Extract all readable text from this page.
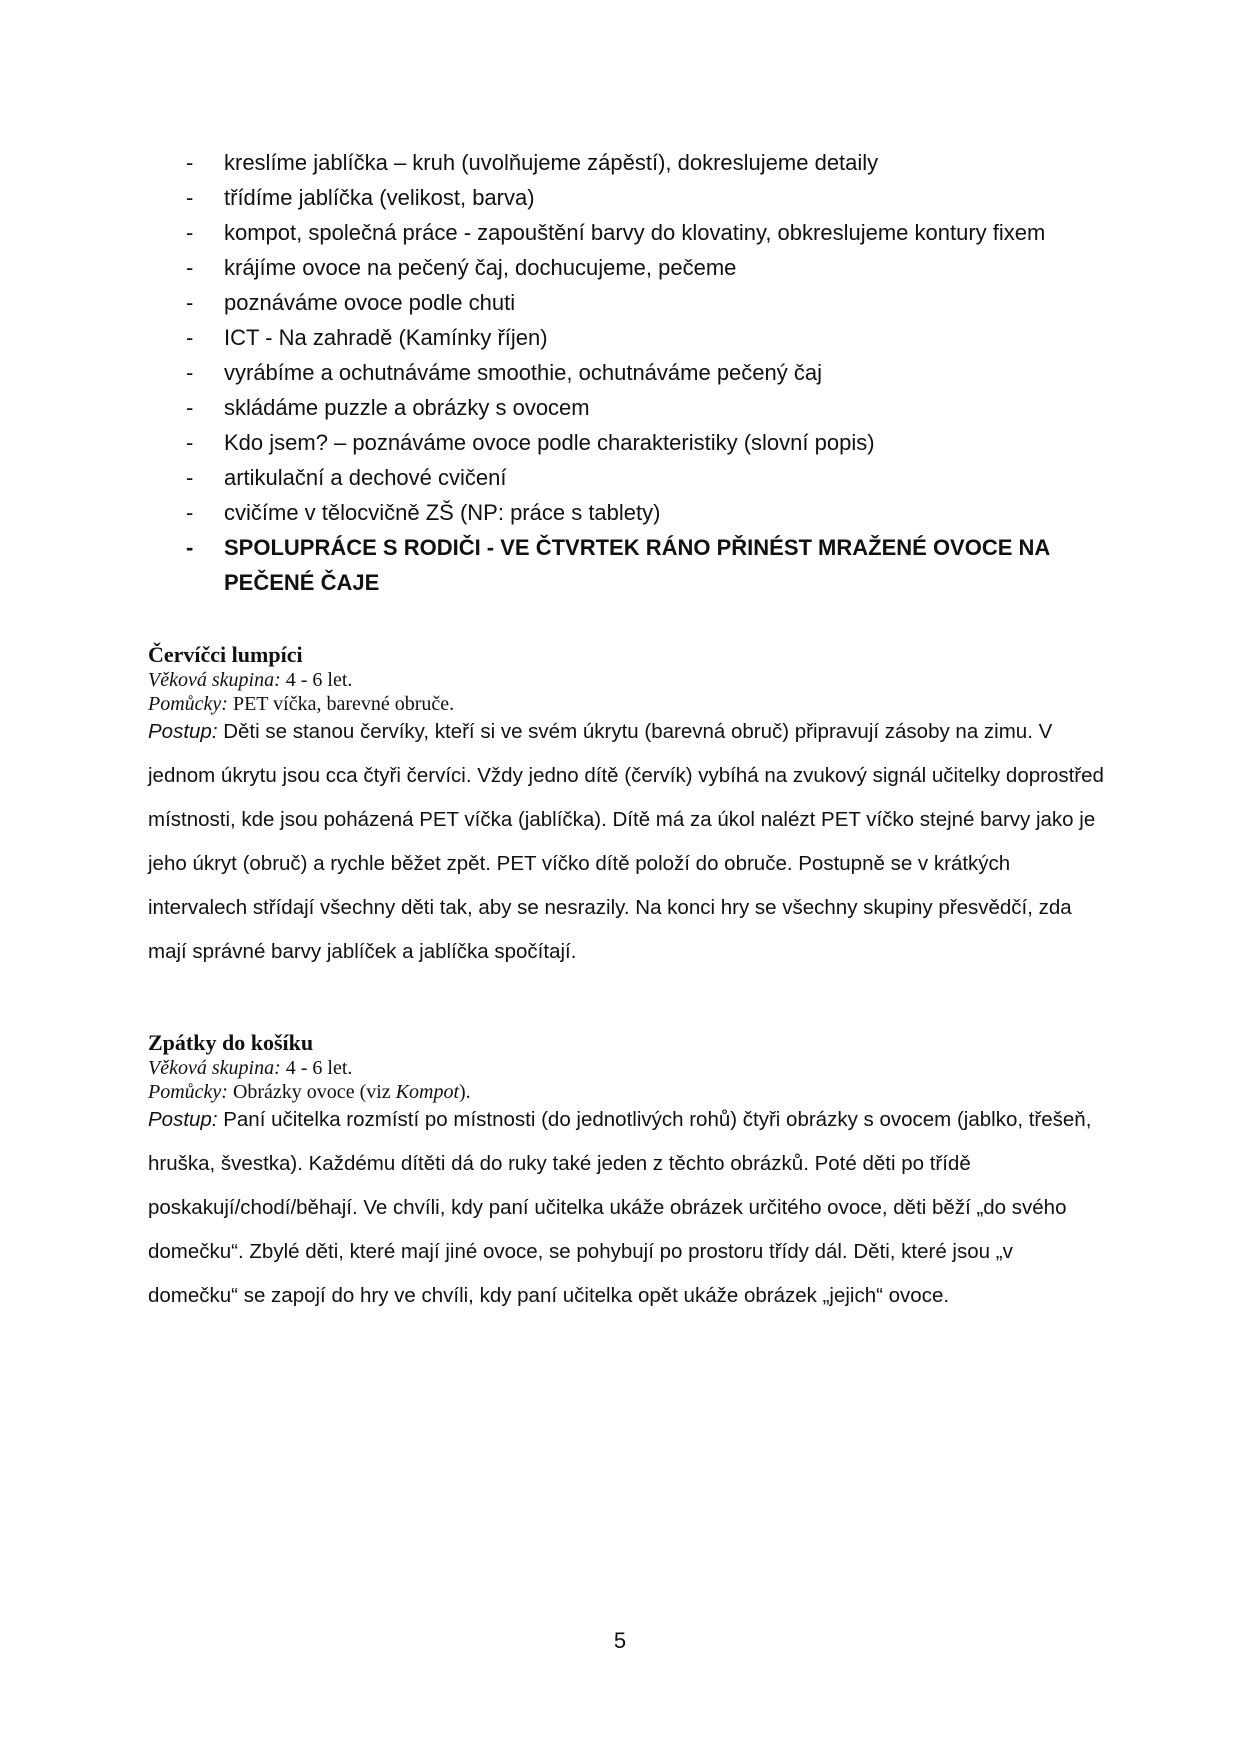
- kreslíme jablíčka – kruh (uvolňujeme zápěstí), dokreslujeme detaily
- třídíme jablíčka (velikost, barva)
- kompot, společná práce - zapouštění barvy do klovatiny, obkreslujeme kontury fixem
- krájíme ovoce na pečený čaj, dochucujeme, pečeme
- poznáváme ovoce podle chuti
- ICT - Na zahradě (Kamínky říjen)
- vyrábíme a ochutnáváme smoothie, ochutnáváme pečený čaj
- skládáme puzzle a obrázky s ovocem
- Kdo jsem? – poznáváme ovoce podle charakteristiky (slovní popis)
- artikulační a dechové cvičení
- cvičíme v tělocvičně ZŠ (NP: práce s tablety)
- SPOLUPRÁCE S RODIČI - VE ČTVRTEK RÁNO PŘINÉST MRAŽENÉ OVOCE NA PEČENÉ ČAJE
Červíčci lumpíci

Věková skupina: 4 - 6 let.

Pomůcky: PET víčka, barevné obruče.

Postup: Děti se stanou červíky, kteří si ve svém úkrytu (barevná obruč) připravují zásoby na zimu. V jednom úkrytu jsou cca čtyři červíci. Vždy jedno dítě (červík) vybíhá na zvukový signál učitelky doprostřed místnosti, kde jsou poházená PET víčka (jablíčka). Dítě má za úkol nalézt PET víčko stejné barvy jako je jeho úkryt (obruč) a rychle běžet zpět. PET víčko dítě položí do obruče. Postupně se v krátkých intervalech střídají všechny děti tak, aby se nesrazily. Na konci hry se všechny skupiny přesvědčí, zda mají správné barvy jablíček a jablíčka spočítají.

Zpátky do košíku

Věková skupina: 4 - 6 let.

Pomůcky: Obrázky ovoce (viz Kompot).

Postup: Paní učitelka rozmístí po místnosti (do jednotlivých rohů) čtyři obrázky s ovocem (jablko, třešeň, hruška, švestka). Každému dítěti dá do ruky také jeden z těchto obrázků. Poté děti po třídě poskakují/chodí/běhají. Ve chvíli, kdy paní učitelka ukáže obrázek určitého ovoce, děti běží „do svého domečku“. Zbylé děti, které mají jiné ovoce, se pohybují po prostoru třídy dál. Děti, které jsou „v domečku“ se zapojí do hry ve chvíli, kdy paní učitelka opět ukáže obrázek „jejich“ ovoce.

5
